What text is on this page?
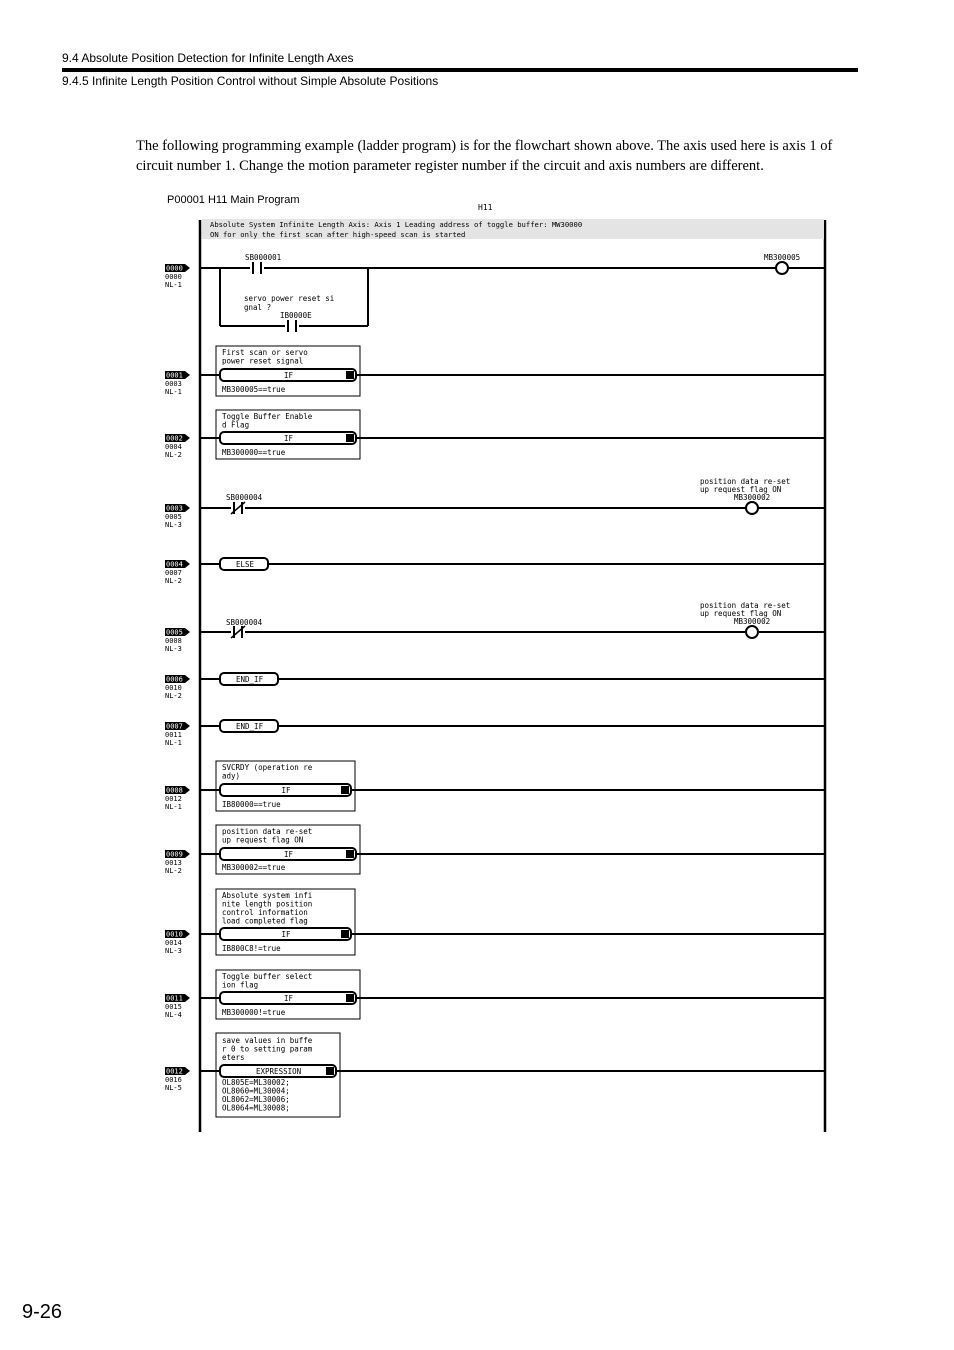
9.4 Absolute Position Detection for Infinite Length Axes
9.4.5 Infinite Length Position Control without Simple Absolute Positions

The following programming example (ladder program) is for the flowchart shown above. The axis used here is axis 1 of circuit number 1. Change the motion parameter register number if the circuit and axis numbers are different.

P00001 H11 Main Program
H11
Absolute System Infinite Length Axis: Axis 1 Leading address of toggle buffer: MW30000
ON for only the first scan after high-speed scan is started
0000
0000
NL-1
0001
0003
NL-1
0002
0004
NL-2
0003
0005
NL-3
0004
0007
NL-2
0005
0008
NL-3
0006
0010
NL-2
0007
0011
NL-1
0008
0012
NL-1
0009
0013
NL-2
0010
0014
NL-3
0011
0015
NL-4
0012
0016
NL-5
SB000001	MB300005
servo power reset si
gnal ?
IB0000E
First scan or servo
power reset signal
IF
MB300005==true
Toggle Buffer Enable
d Flag
IF
MB300000==true
SB000004
position data re-set
up request flag ON
MB300002
ELSE
SB000004
position data re-set
up request flag ON
MB300002
END_IF
END_IF
SVCRDY (operation re
ady)
IF
IB80000==true
position data re-set
up request flag ON
IF
MB300002==true
Absolute system infi
nite length position
control information
load completed flag
IF
IB800C8!=true
Toggle buffer select
ion flag
IF
MB300000!=true
save values in buffe
r 0 to setting param
eters
EXPRESSION
OL805E=ML30002;
OL8060=ML30004;
OL8062=ML30006;
OL8064=ML30008;
9-26
